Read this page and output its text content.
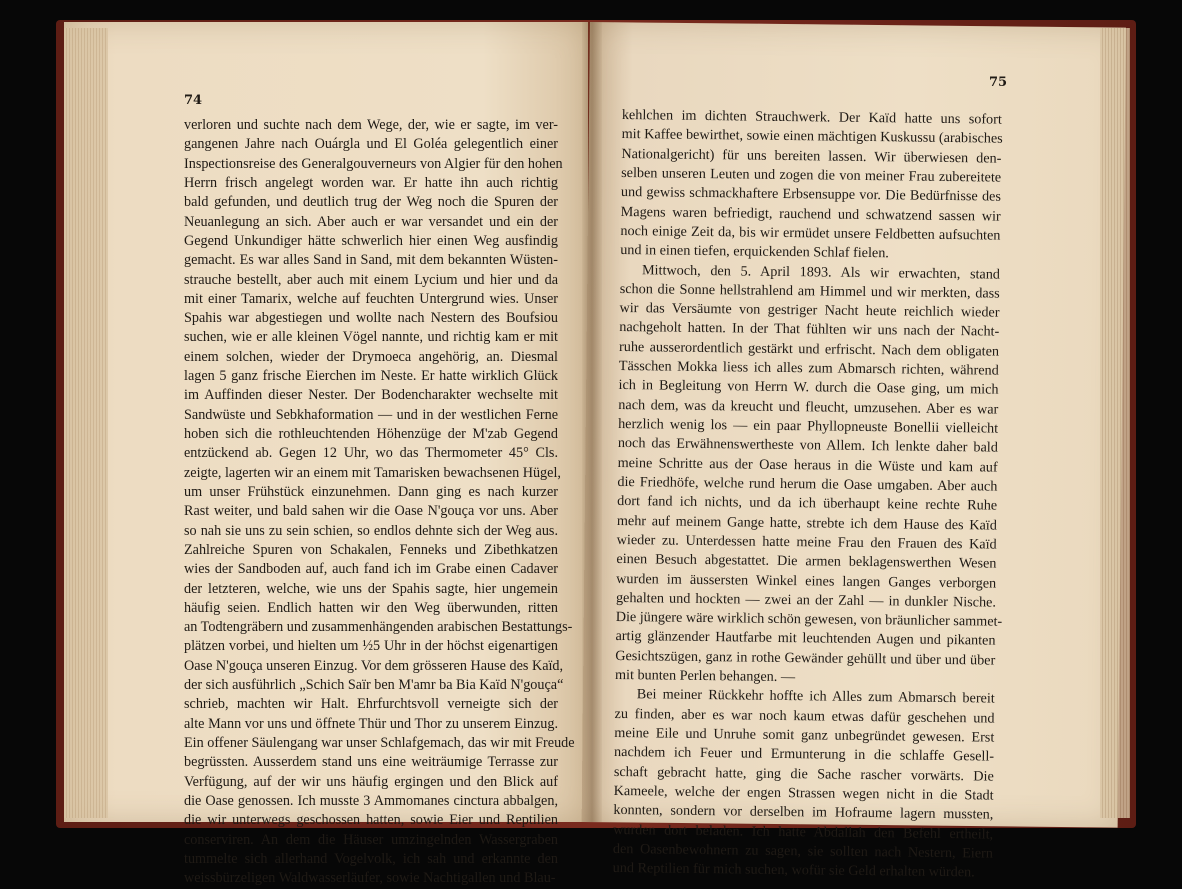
74
verloren und suchte nach dem Wege, der, wie er sagte, im ver-
gangenen Jahre nach Ouárgla und El Goléa gelegentlich einer
Inspectionsreise des Generalgouverneurs von Algier für den hohen
Herrn frisch angelegt worden war. Er hatte ihn auch richtig
bald gefunden, und deutlich trug der Weg noch die Spuren der
Neuanlegung an sich. Aber auch er war versandet und ein der
Gegend Unkundiger hätte schwerlich hier einen Weg ausfindig
gemacht. Es war alles Sand in Sand, mit dem bekannten Wüsten-
strauche bestellt, aber auch mit einem Lycium und hier und da
mit einer Tamarix, welche auf feuchten Untergrund wies. Unser
Spahis war abgestiegen und wollte nach Nestern des Boufsiou
suchen, wie er alle kleinen Vögel nannte, und richtig kam er mit
einem solchen, wieder der Drymoeca angehörig, an. Diesmal
lagen 5 ganz frische Eierchen im Neste. Er hatte wirklich Glück
im Auffinden dieser Nester. Der Bodencharakter wechselte mit
Sandwüste und Sebkhaformation — und in der westlichen Ferne
hoben sich die rothleuchtenden Höhenzüge der M'zab Gegend
entzückend ab. Gegen 12 Uhr, wo das Thermometer 45° Cls.
zeigte, lagerten wir an einem mit Tamarisken bewachsenen Hügel,
um unser Frühstück einzunehmen. Dann ging es nach kurzer
Rast weiter, und bald sahen wir die Oase N'gouça vor uns. Aber
so nah sie uns zu sein schien, so endlos dehnte sich der Weg aus.
Zahlreiche Spuren von Schakalen, Fenneks und Zibethkatzen
wies der Sandboden auf, auch fand ich im Grabe einen Cadaver
der letzteren, welche, wie uns der Spahis sagte, hier ungemein
häufig seien. Endlich hatten wir den Weg überwunden, ritten
an Todtengräbern und zusammenhängenden arabischen Bestattungs-
plätzen vorbei, und hielten um ½5 Uhr in der höchst eigenartigen
Oase N'gouça unseren Einzug. Vor dem grösseren Hause des Kaïd,
der sich ausführlich „Schich Saïr ben M'amr ba Bia Kaïd N'gouça“
schrieb, machten wir Halt. Ehrfurchtsvoll verneigte sich der
alte Mann vor uns und öffnete Thür und Thor zu unserem Einzug.
Ein offener Säulengang war unser Schlafgemach, das wir mit Freude
begrüssten. Ausserdem stand uns eine weiträumige Terrasse zur
Verfügung, auf der wir uns häufig ergingen und den Blick auf
die Oase genossen. Ich musste 3 Ammomanes cinctura abbalgen,
die wir unterwegs geschossen hatten, sowie Eier und Reptilien
conserviren. An dem die Häuser umzingelnden Wassergraben
tummelte sich allerhand Vogelvolk, ich sah und erkannte den
weissbürzeligen Waldwasserläufer, sowie Nachtigallen und Blau-
75
kehlchen im dichten Strauchwerk. Der Kaïd hatte uns sofort
mit Kaffee bewirthet, sowie einen mächtigen Kuskussu (arabisches
Nationalgericht) für uns bereiten lassen. Wir überwiesen den-
selben unseren Leuten und zogen die von meiner Frau zubereitete
und gewiss schmackhaftere Erbsensuppe vor. Die Bedürfnisse des
Magens waren befriedigt, rauchend und schwatzend sassen wir
noch einige Zeit da, bis wir ermüdet unsere Feldbetten aufsuchten
und in einen tiefen, erquickenden Schlaf fielen.
Mittwoch, den 5. April 1893. Als wir erwachten, stand
schon die Sonne hellstrahlend am Himmel und wir merkten, dass
wir das Versäumte von gestriger Nacht heute reichlich wieder
nachgeholt hatten. In der That fühlten wir uns nach der Nacht-
ruhe ausserordentlich gestärkt und erfrischt. Nach dem obligaten
Tässchen Mokka liess ich alles zum Abmarsch richten, während
ich in Begleitung von Herrn W. durch die Oase ging, um mich
nach dem, was da kreucht und fleucht, umzusehen. Aber es war
herzlich wenig los — ein paar Phyllopneuste Bonellii vielleicht
noch das Erwähnenswertheste von Allem. Ich lenkte daher bald
meine Schritte aus der Oase heraus in die Wüste und kam auf
die Friedhöfe, welche rund herum die Oase umgaben. Aber auch
dort fand ich nichts, und da ich überhaupt keine rechte Ruhe
mehr auf meinem Gange hatte, strebte ich dem Hause des Kaïd
wieder zu. Unterdessen hatte meine Frau den Frauen des Kaïd
einen Besuch abgestattet. Die armen beklagenswerthen Wesen
wurden im äussersten Winkel eines langen Ganges verborgen
gehalten und hockten — zwei an der Zahl — in dunkler Nische.
Die jüngere wäre wirklich schön gewesen, von bräunlicher sammet-
artig glänzender Hautfarbe mit leuchtenden Augen und pikanten
Gesichtszügen, ganz in rothe Gewänder gehüllt und über und über
mit bunten Perlen behangen. —
Bei meiner Rückkehr hoffte ich Alles zum Abmarsch bereit
zu finden, aber es war noch kaum etwas dafür geschehen und
meine Eile und Unruhe somit ganz unbegründet gewesen. Erst
nachdem ich Feuer und Ermunterung in die schlaffe Gesell-
schaft gebracht hatte, ging die Sache rascher vorwärts. Die
Kameele, welche der engen Strassen wegen nicht in die Stadt
konnten, sondern vor derselben im Hofraume lagern mussten,
wurden dort beladen. Ich hatte Abdallah den Befehl ertheilt,
den Oasenbewohnern zu sagen, sie sollten nach Nestern, Eiern
und Reptilien für mich suchen, wofür sie Geld erhalten würden.
